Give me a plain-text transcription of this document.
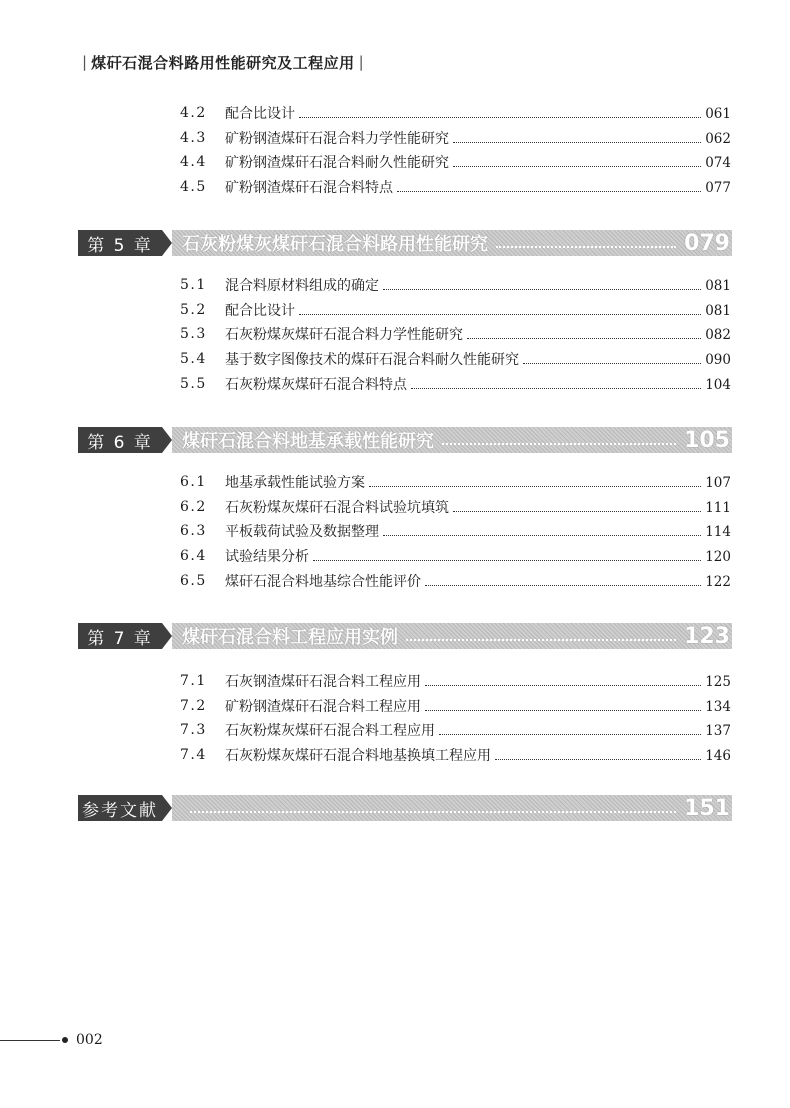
| 煤矸石混合料路用性能研究及工程应用 |
4.2	配合比设计	061
4.3	矿粉钢渣煤矸石混合料力学性能研究	062
4.4	矿粉钢渣煤矸石混合料耐久性能研究	074
4.5	矿粉钢渣煤矸石混合料特点	077
第 5 章	石灰粉煤灰煤矸石混合料路用性能研究	079
5.1	混合料原材料组成的确定	081
5.2	配合比设计	081
5.3	石灰粉煤灰煤矸石混合料力学性能研究	082
5.4	基于数字图像技术的煤矸石混合料耐久性能研究	090
5.5	石灰粉煤灰煤矸石混合料特点	104
第 6 章	煤矸石混合料地基承载性能研究	105
6.1	地基承载性能试验方案	107
6.2	石灰粉煤灰煤矸石混合料试验坑填筑	111
6.3	平板载荷试验及数据整理	114
6.4	试验结果分析	120
6.5	煤矸石混合料地基综合性能评价	122
第 7 章	煤矸石混合料工程应用实例	123
7.1	石灰钢渣煤矸石混合料工程应用	125
7.2	矿粉钢渣煤矸石混合料工程应用	134
7.3	石灰粉煤灰煤矸石混合料工程应用	137
7.4	石灰粉煤灰煤矸石混合料地基换填工程应用	146
参考文献	151
002
